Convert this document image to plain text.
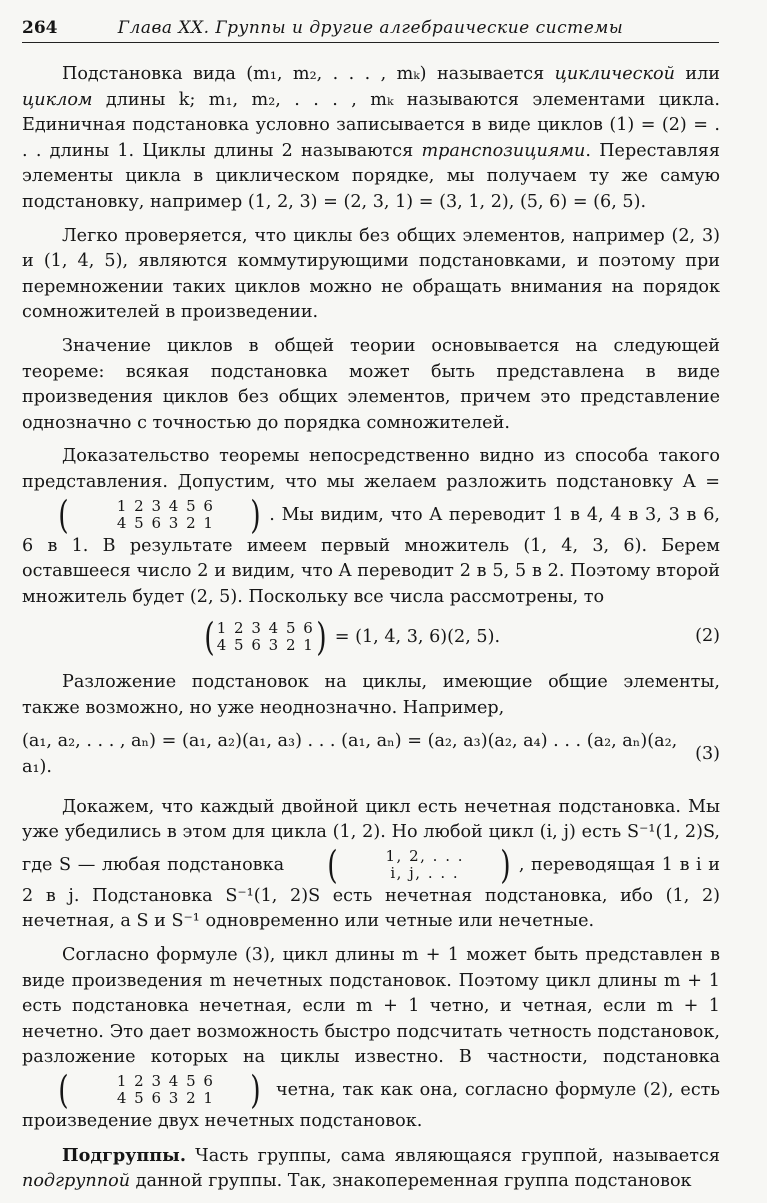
264	Глава XX. Группы и другие алгебраические системы

Подстановка вида (m₁, m₂, . . . , mₖ) называется циклической или циклом длины k; m₁, m₂, . . . , mₖ называются элементами цикла. Единичная подстановка условно записывается в виде циклов (1) = (2) = . . . длины 1. Циклы длины 2 называются транспозициями. Переставляя элементы цикла в циклическом порядке, мы получаем ту же самую подстановку, например (1, 2, 3) = (2, 3, 1) = (3, 1, 2), (5, 6) = (6, 5).

Легко проверяется, что циклы без общих элементов, например (2, 3) и (1, 4, 5), являются коммутирующими подстановками, и поэтому при перемножении таких циклов можно не обращать внимания на порядок сомножителей в произведении.

Значение циклов в общей теории основывается на следующей теореме: всякая подстановка может быть представлена в виде произведения циклов без общих элементов, причем это представление однозначно с точностью до порядка сомножителей.

Доказательство теоремы непосредственно видно из способа такого представления. Допустим, что мы желаем разложить подстановку A =
(	1 2 3 4 5 6
4 5 6 3 2 1 ) . Мы видим, что A переводит 1 в 4, 4 в 3, 3 в 6, 6 в 1. В результате имеем первый множитель (1, 4, 3, 6). Берем оставшееся число 2 и видим, что A переводит 2 в 5, 5 в 2. Поэтому второй множитель будет (2, 5). Поскольку все числа рассмотрены, то

( 1 2 3 4 5 6
4 5 6 3 2 1 ) = (1, 4, 3, 6)(2, 5).	(2)

Разложение подстановок на циклы, имеющие общие элементы, также возможно, но уже неоднозначно. Например,

(a₁, a₂, . . . , aₙ) = (a₁, a₂)(a₁, a₃) . . . (a₁, aₙ) = (a₂, a₃)(a₂, a₄) . . . (a₂, aₙ)(a₂, a₁).
(3)

Докажем, что каждый двойной цикл есть нечетная подстановка. Мы уже убедились в этом для цикла (1, 2). Но любой цикл (i, j) есть S⁻¹(1, 2)S, где S — любая подстановка (	1, 2, . . .
i, j, . . .	) , переводящая 1 в i и 2 в j. Подстановка S⁻¹(1, 2)S есть нечетная подстановка, ибо (1, 2) нечетная, а S и S⁻¹ одновременно или четные или нечетные.

Согласно формуле (3), цикл длины m + 1 может быть представлен в виде произведения m нечетных подстановок. Поэтому цикл длины m + 1 есть подстановка нечетная, если m + 1 четно, и четная, если m + 1 нечетно. Это дает возможность быстро подсчитать четность подстановок, разложение которых на циклы известно. В частности, подстановка
(	1 2 3 4 5 6
4 5 6 3 2 1 ) четна, так как она, согласно формуле (2), есть произведение двух нечетных подстановок.

Подгруппы. Часть группы, сама являющаяся группой, называется подгруппой данной группы. Так, знакопеременная группа подстановок
